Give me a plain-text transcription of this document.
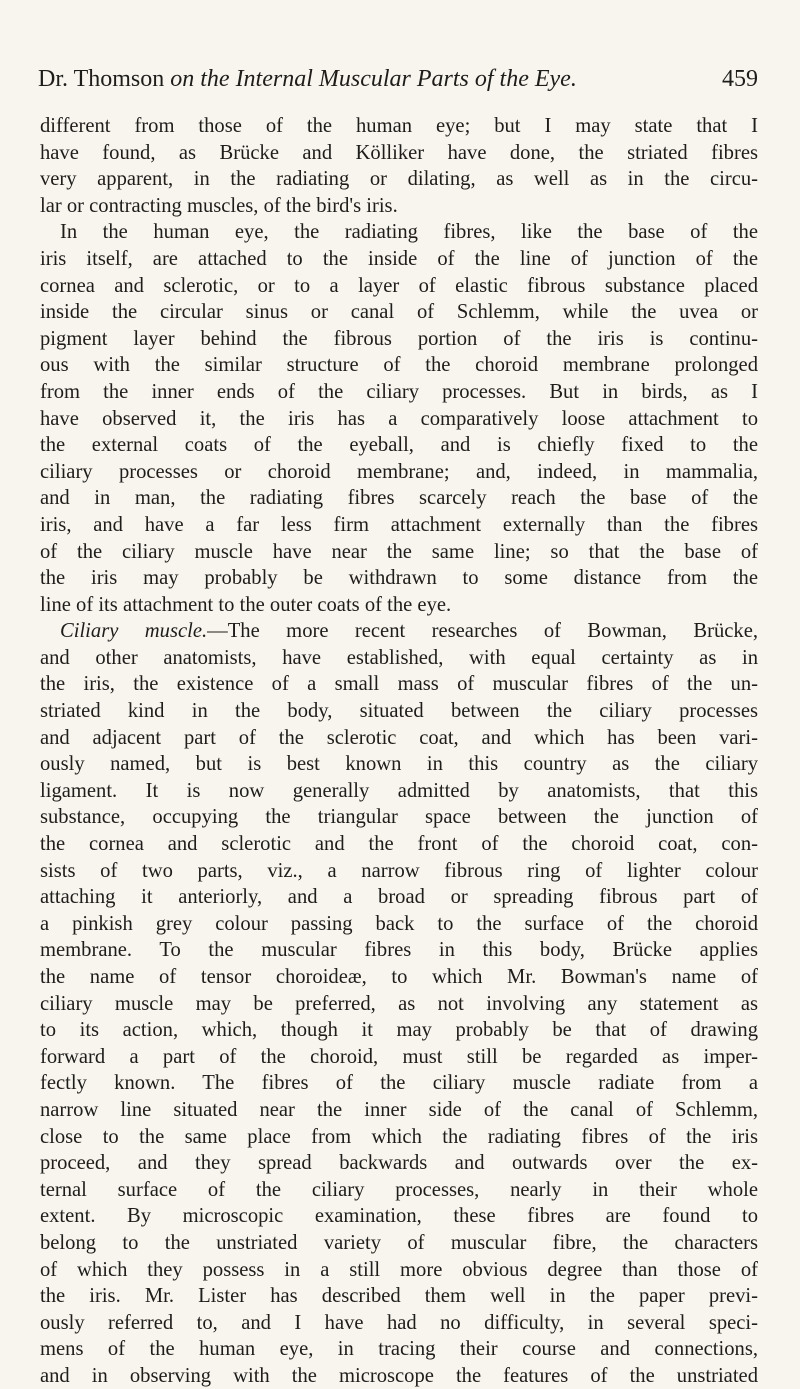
Dr. Thomson on the Internal Muscular Parts of the Eye.	459
different from those of the human eye; but I may state that I
have found, as Brücke and Kölliker have done, the striated fibres
very apparent, in the radiating or dilating, as well as in the circu-
lar or contracting muscles, of the bird's iris.
In the human eye, the radiating fibres, like the base of the
iris itself, are attached to the inside of the line of junction of the
cornea and sclerotic, or to a layer of elastic fibrous substance placed
inside the circular sinus or canal of Schlemm, while the uvea or
pigment layer behind the fibrous portion of the iris is continu-
ous with the similar structure of the choroid membrane prolonged
from the inner ends of the ciliary processes. But in birds, as I
have observed it, the iris has a comparatively loose attachment to
the external coats of the eyeball, and is chiefly fixed to the
ciliary processes or choroid membrane; and, indeed, in mammalia,
and in man, the radiating fibres scarcely reach the base of the
iris, and have a far less firm attachment externally than the fibres
of the ciliary muscle have near the same line; so that the base of
the iris may probably be withdrawn to some distance from the
line of its attachment to the outer coats of the eye.
Ciliary muscle.—The more recent researches of Bowman, Brücke,
and other anatomists, have established, with equal certainty as in
the iris, the existence of a small mass of muscular fibres of the un-
striated kind in the body, situated between the ciliary processes
and adjacent part of the sclerotic coat, and which has been vari-
ously named, but is best known in this country as the ciliary
ligament. It is now generally admitted by anatomists, that this
substance, occupying the triangular space between the junction of
the cornea and sclerotic and the front of the choroid coat, con-
sists of two parts, viz., a narrow fibrous ring of lighter colour
attaching it anteriorly, and a broad or spreading fibrous part of
a pinkish grey colour passing back to the surface of the choroid
membrane. To the muscular fibres in this body, Brücke applies
the name of tensor choroideæ, to which Mr. Bowman's name of
ciliary muscle may be preferred, as not involving any statement as
to its action, which, though it may probably be that of drawing
forward a part of the choroid, must still be regarded as imper-
fectly known. The fibres of the ciliary muscle radiate from a
narrow line situated near the inner side of the canal of Schlemm,
close to the same place from which the radiating fibres of the iris
proceed, and they spread backwards and outwards over the ex-
ternal surface of the ciliary processes, nearly in their whole
extent. By microscopic examination, these fibres are found to
belong to the unstriated variety of muscular fibre, the characters
of which they possess in a still more obvious degree than those of
the iris. Mr. Lister has described them well in the paper previ-
ously referred to, and I have had no difficulty, in several speci-
mens of the human eye, in tracing their course and connections,
and in observing with the microscope the features of the unstriated
